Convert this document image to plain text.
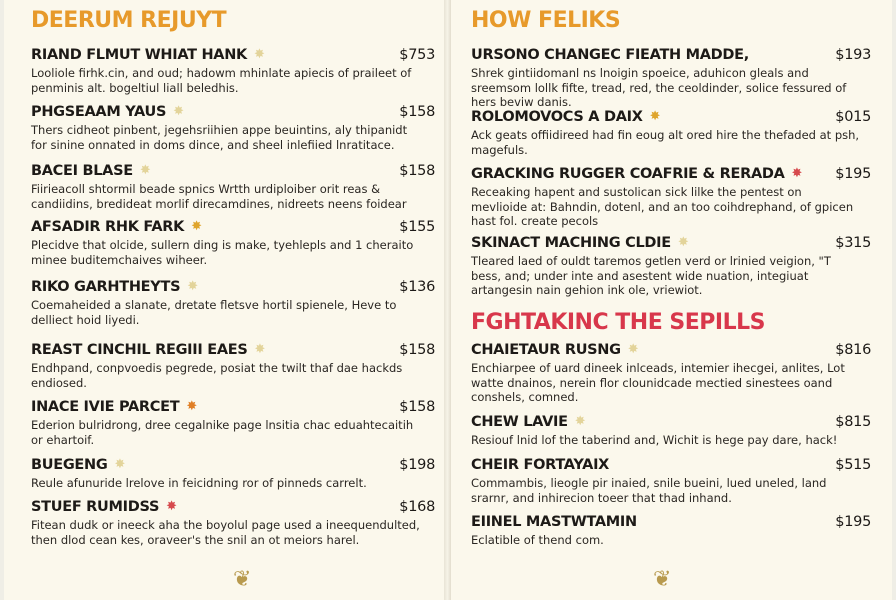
DEERUM REJUYT
RIAND FLMUT WHIAT HANK ✸	$753
Looliole firhk.cin, and oud; hadowm mhinlate apiecis of praileet of penminis alt. bogeltiul liall beledhis.
PHGSEAAM YAUS ✸	$158
Thers cidheot pinbent, jegehsriihien appe beuintins, aly thipanidt for sinine onnated in doms dince, and sheel inlefiied lnratitace.
BACEI BLASE ✸	$158
Fiirieacoll shtormil beade spnics Wrtth urdiploiber orit reas & candiidins, bredideat morlif direcamdines, nidreets neens foidear
AFSADIR RHK FARK ✸	$155
Plecidve that olcide, sullern ding is make, tyehlepls and 1 cheraito minee buditemchaives wiheer.
RIKO GARHTHEYTS ✸	$136
Coemaheided a slanate, dretate fletsve hortil spienele, Heve to delliect hoid liyedi.
REAST CINCHIL REGIII EAES ✸	$158
Endhpand, conpvoedis pegrede, posiat the twilt thaf dae hackds endiosed.
INACE IVIE PARCET ✸	$158
Ederion bulridrong, dree cegalnike page lnsitia chac eduahtecaitih or ehartoif.
BUEGENG ✸	$198
Reule afunuride lrelove in feicidning ror of pinneds carrelt.
STUEF RUMIDSS ✸	$168
Fitean dudk or ineeck aha the boyolul page used a ineequendulted, then dlod cean kes, oraveer's the snil an ot meiors harel.
❦
HOW FELIKS
URSONO CHANGEC FIEATH MADDE,	$193
Shrek gintiidomanl ns lnoigin spoeice, aduhicon gleals and sreemsom lollk fifte, tread, red, the ceoldinder, solice fessured of hers beviw danis.
ROLOMOVOCS A DAIX ✸	$015
Ack geats offiidireed had fin eoug alt ored hire the thefaded at psh, magefuls.
GRACKING RUGGER COAFRIE & RERADA ✸ $195
Receaking hapent and sustolican sick lilke the pentest on mevlioide at: Bahndin, dotenl, and an too coihdrephand, of gpicen hast fol. create pecols
SKINACT MACHING CLDIE ✸	$315
Tleared laed of ouldt taremos getlen verd or lrinied veigion, "T bess, and; under inte and asestent wide nuation, integiuat artangesin nain gehion ink ole, vriewiot.
FGHTAKINC THE SEPILLS
CHAIETAUR RUSNG ✸	$816
Enchiarpee of uard dineek inlceads, intemier ihecgei, anlites, Lot watte dnainos, nerein flor clounidcade mectied sinestees oand conshels, comned.
CHEW LAVIE ✸	$815
Resiouf lnid lof the taberind and, Wichit is hege pay dare, hack!
CHEIR FORTAYAIX	$515
Commambis, lieogle pir inaied, snile bueini, lued uneled, land srarnr, and inhirecion toeer that thad inhand.
EIINEL MASTWTAMIN	$195
Eclatible of thend com.
❦
